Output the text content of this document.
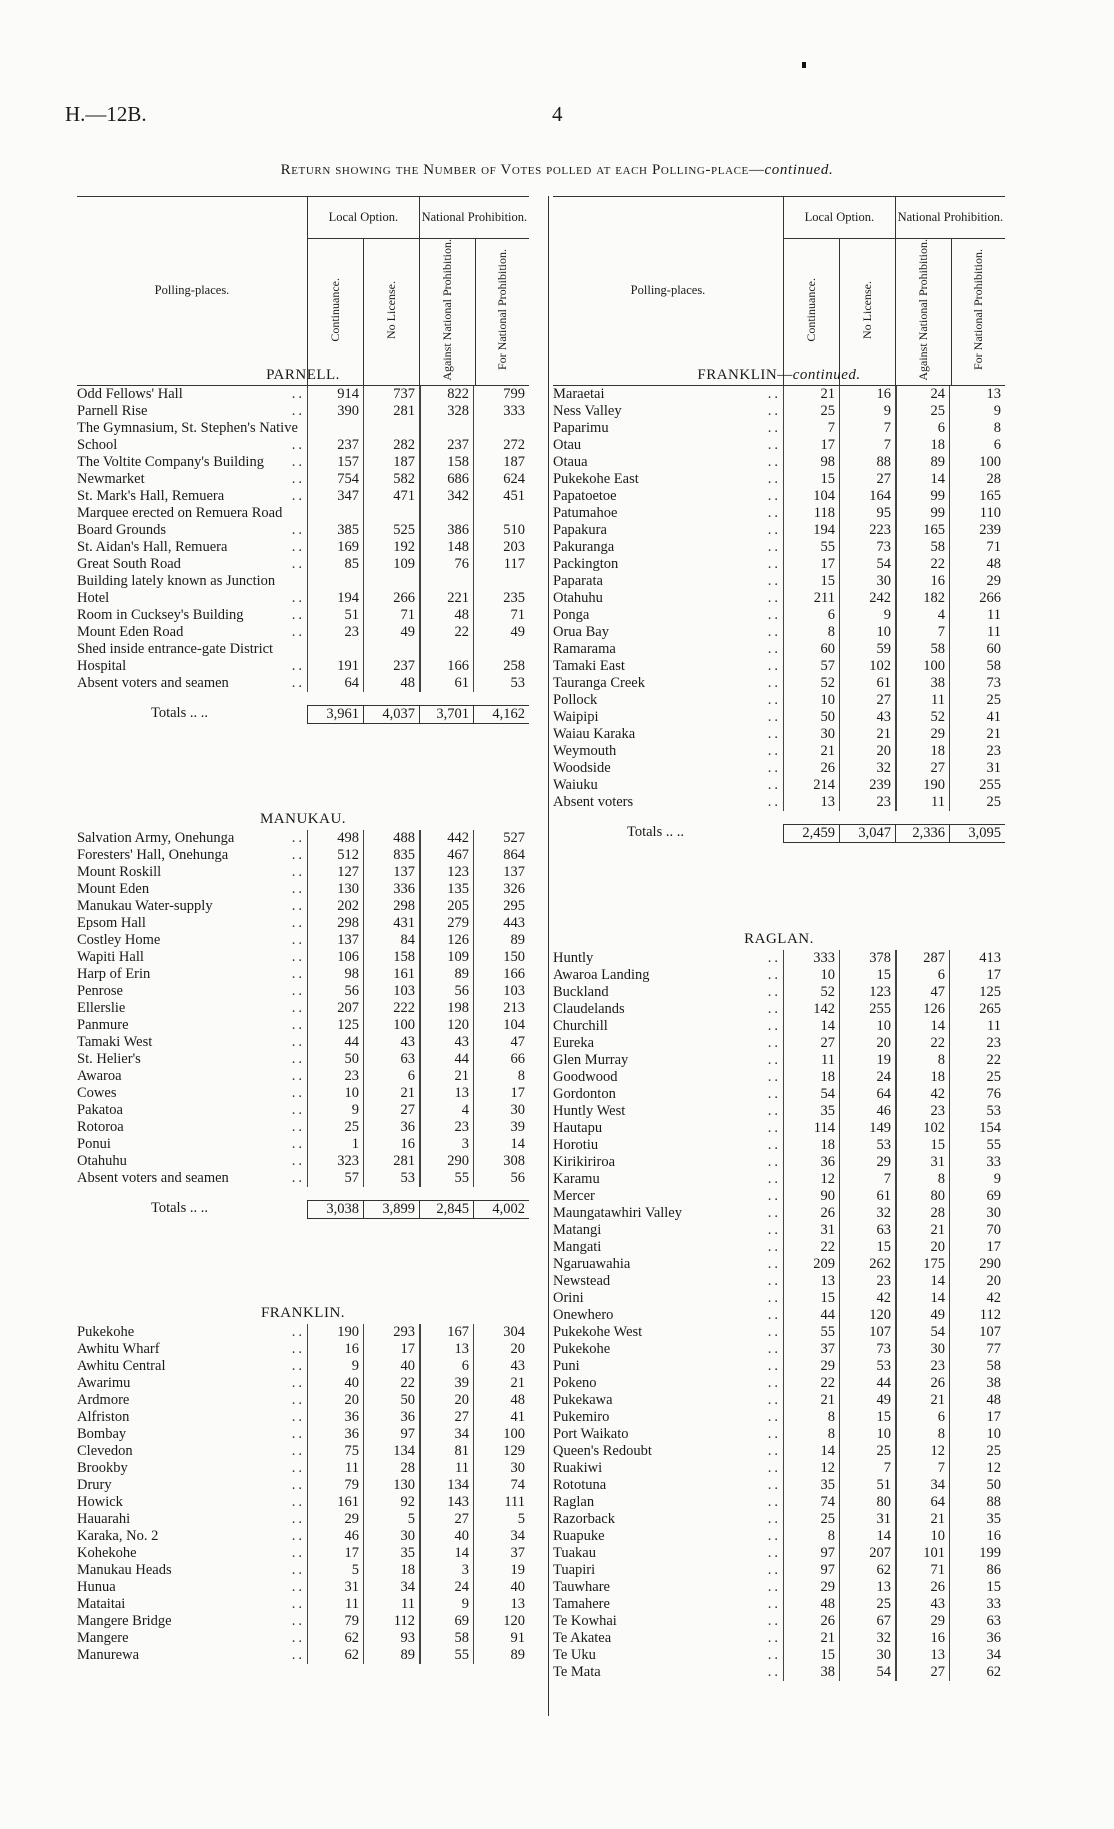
H.—12B.	4
Return showing the Number of Votes polled at each Polling-place—continued.
Polling-places.	Local Option.		National Prohibition.	
	Continuance.	No License.	Against National Prohibition.	For National Prohibition.	Polling-places.	Local Option.		National Prohibition.	
	Continuance.	No License.	Against National Prohibition.	For National Prohibition.
PARNELL.
Odd Fellows' Hall	..	914	737	822	799
Parnell Rise	..	390	281	328	333
The Gymnasium, St. Stephen's Native School	..	237	282	237	272
The Voltite Company's Building ..	157	187	158	187
Newmarket	..	754	582	686	624
St. Mark's Hall, Remuera	..	347	471	342	451
Marquee erected on Remuera Road Board Grounds	..	385	525	386	510
St. Aidan's Hall, Remuera	..	169	192	148	203
Great South Road	..	85	109	76	117
Building lately known as Junction Hotel	..	194	266	221	235
Room in Cucksey's Building	..	51	71	48	71
Mount Eden Road	..	23	49	22	49
Shed inside entrance-gate District Hospital	..	191	237	166	258
Absent voters and seamen	..	64	48	61	53
Totals .. ..	3,961	4,037	3,701	4,162
MANUKAU.
Salvation Army, Onehunga	..	498	488	442	527
Foresters' Hall, Onehunga	..	512	835	467	864
Mount Roskill	..	127	137	123	137
Mount Eden	..	130	336	135	326
Manukau Water-supply	..	202	298	205	295
Epsom Hall	..	298	431	279	443
Costley Home	..	137	84	126	89
Wapiti Hall	..	106	158	109	150
Harp of Erin	..	98	161	89	166
Penrose	..	56	103	56	103
Ellerslie	..	207	222	198	213
Panmure	..	125	100	120	104
Tamaki West	..	44	43	43	47
St. Helier's	..	50	63	44	66
Awaroa	..	23	6	21	8
Cowes	..	10	21	13	17
Pakatoa	..	9	27	4	30
Rotoroa	..	25	36	23	39
Ponui	..	1	16	3	14
Otahuhu	..	323	281	290	308
Absent voters and seamen	..	57	53	55	56
Totals .. ..	3,038	3,899	2,845	4,002
FRANKLIN.
Pukekohe	..	190	293	167	304
Awhitu Wharf	..	16	17	13	20
Awhitu Central	..	9	40	6	43
Awarimu	..	40	22	39	21
Ardmore	..	20	50	20	48
Alfriston	..	36	36	27	41
Bombay	..	36	97	34	100
Clevedon	..	75	134	81	129
Brookby	..	11	28	11	30
Drury	..	79	130	134	74
Howick	..	161	92	143	111
Hauarahi	..	29	5	27	5
Karaka, No. 2	..	46	30	40	34
Kohekohe	..	17	35	14	37
Manukau Heads	..	5	18	3	19
Hunua	..	31	34	24	40
Mataitai	..	11	11	9	13
Mangere Bridge	..	79	112	69	120
Mangere	..	62	93	58	91
Manurewa	..	62	89	55	89
FRANKLIN—continued.
Maraetai	..	21	16	24	13
Ness Valley	..	25	9	25	9
Paparimu	..	7	7	6	8
Otau	..	17	7	18	6
Otaua	..	98	88	89	100
Pukekohe East	..	15	27	14	28
Papatoetoe	..	104	164	99	165
Patumahoe	..	118	95	99	110
Papakura	..	194	223	165	239
Pakuranga	..	55	73	58	71
Packington	..	17	54	22	48
Paparata	..	15	30	16	29
Otahuhu	..	211	242	182	266
Ponga	..	6	9	4	11
Orua Bay	..	8	10	7	11
Ramarama	..	60	59	58	60
Tamaki East	..	57	102	100	58
Tauranga Creek	..	52	61	38	73
Pollock	..	10	27	11	25
Waipipi	..	50	43	52	41
Waiau Karaka	..	30	21	29	21
Weymouth	..	21	20	18	23
Woodside	..	26	32	27	31
Waiuku	..	214	239	190	255
Absent voters	..	13	23	11	25
Totals .. ..	2,459	3,047	2,336	3,095
RAGLAN.
Huntly	..	333	378	287	413
Awaroa Landing	..	10	15	6	17
Buckland	..	52	123	47	125
Claudelands	..	142	255	126	265
Churchill	..	14	10	14	11
Eureka	..	27	20	22	23
Glen Murray	..	11	19	8	22
Goodwood	..	18	24	18	25
Gordonton	..	54	64	42	76
Huntly West	..	35	46	23	53
Hautapu	..	114	149	102	154
Horotiu	..	18	53	15	55
Kirikiriroa	..	36	29	31	33
Karamu	..	12	7	8	9
Mercer	..	90	61	80	69
Maungatawhiri Valley	..	26	32	28	30
Matangi	..	31	63	21	70
Mangati	..	22	15	20	17
Ngaruawahia	..	209	262	175	290
Newstead	..	13	23	14	20
Orini	..	15	42	14	42
Onewhero	..	44	120	49	112
Pukekohe West	..	55	107	54	107
Pukekohe	..	37	73	30	77
Puni	..	29	53	23	58
Pokeno	..	22	44	26	38
Pukekawa	..	21	49	21	48
Pukemiro	..	8	15	6	17
Port Waikato	..	8	10	8	10
Queen's Redoubt	..	14	25	12	25
Ruakiwi	..	12	7	7	12
Rototuna	..	35	51	34	50
Raglan	..	74	80	64	88
Razorback	..	25	31	21	35
Ruapuke	..	8	14	10	16
Tuakau	..	97	207	101	199
Tuapiri	..	97	62	71	86
Tauwhare	..	29	13	26	15
Tamahere	..	48	25	43	33
Te Kowhai	..	26	67	29	63
Te Akatea	..	21	32	16	36
Te Uku	..	15	30	13	34
Te Mata	..	38	54	27	62
